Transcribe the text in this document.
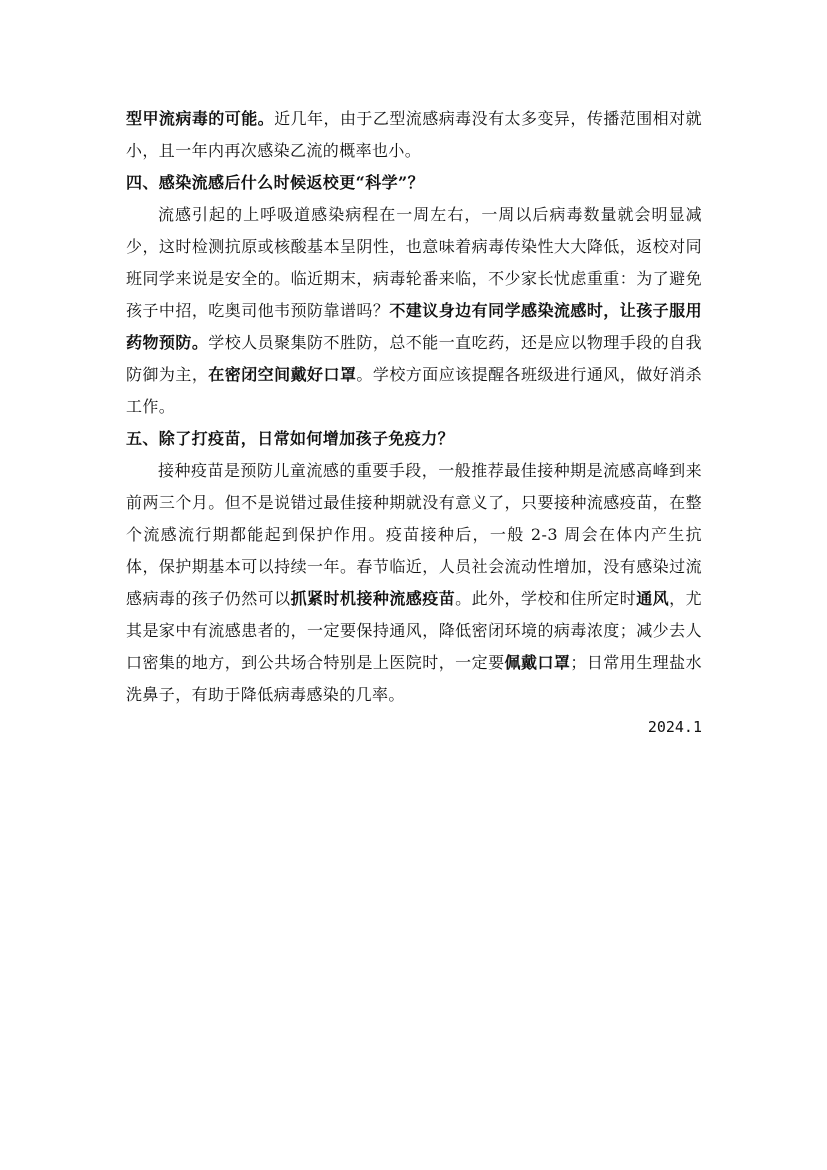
型甲流病毒的可能。近几年，由于乙型流感病毒没有太多变异，传播范围相对就小，且一年内再次感染乙流的概率也小。

四、感染流感后什么时候返校更“科学”？

流感引起的上呼吸道感染病程在一周左右，一周以后病毒数量就会明显减少，这时检测抗原或核酸基本呈阴性，也意味着病毒传染性大大降低，返校对同班同学来说是安全的。临近期末，病毒轮番来临，不少家长忧虑重重：为了避免孩子中招，吃奥司他韦预防靠谱吗？不建议身边有同学感染流感时，让孩子服用药物预防。学校人员聚集防不胜防，总不能一直吃药，还是应以物理手段的自我防御为主，在密闭空间戴好口罩。学校方面应该提醒各班级进行通风，做好消杀工作。

五、除了打疫苗，日常如何增加孩子免疫力？

接种疫苗是预防儿童流感的重要手段，一般推荐最佳接种期是流感高峰到来前两三个月。但不是说错过最佳接种期就没有意义了，只要接种流感疫苗，在整个流感流行期都能起到保护作用。疫苗接种后，一般 2-3 周会在体内产生抗体，保护期基本可以持续一年。春节临近，人员社会流动性增加，没有感染过流感病毒的孩子仍然可以抓紧时机接种流感疫苗。此外，学校和住所定时通风，尤其是家中有流感患者的，一定要保持通风，降低密闭环境的病毒浓度；减少去人口密集的地方，到公共场合特别是上医院时，一定要佩戴口罩；日常用生理盐水洗鼻子，有助于降低病毒感染的几率。

2024.1
